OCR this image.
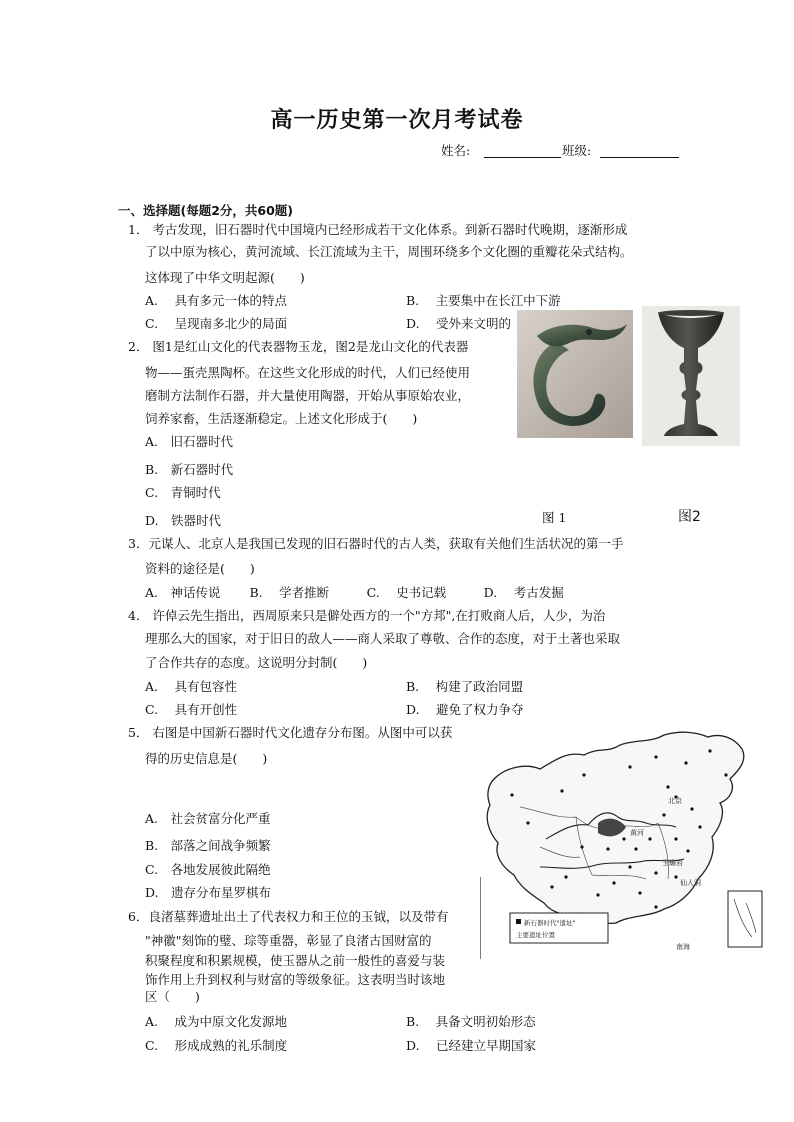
高一历史第一次月考试卷
姓名:	班级:
一、选择题(每题2分，共60题)
1． 考古发现，旧石器时代中国境内已经形成若干文化体系。到新石器时代晚期，逐渐形成
了以中原为核心，黄河流域、长江流域为主干，周围环绕多个文化圈的重瓣花朵式结构。
这体现了中华文明起源(　　)
A.　 具有多元一体的特点	B.　 主要集中在长江中下游
C.　 呈现南多北少的局面	D.　 受外来文明的
2． 图1是红山文化的代表器物玉龙，图2是龙山文化的代表器
物——蛋壳黑陶杯。在这些文化形成的时代，人们已经使用
磨制方法制作石器，并大量使用陶器，开始从事原始农业，
饲养家畜，生活逐渐稳定。上述文化形成于(　　)
A.　旧石器时代
B.　新石器时代
C.　青铜时代
D.　铁器时代	图 1	图2
3．元谋人、北京人是我国已发现的旧石器时代的古人类，获取有关他们生活状况的第一手
资料的途径是(　　)
A.　神话传说　　 B.　 学者推断　　　C.　 史书记载　　　D.　 考古发掘
4． 许倬云先生指出，西周原来只是僻处西方的一个"方邦",在打败商人后，人少，为治
理那么大的国家，对于旧日的敌人——商人采取了尊敬、合作的态度，对于土著也采取
了合作共存的态度。这说明分封制(　　)
A.　 具有包容性	B.　 构建了政治同盟
C.　 具有开创性	D.　 避免了权力争夺
5． 右图是中国新石器时代文化遗存分布图。从图中可以获
得的历史信息是(　　)
A.　社会贫富分化严重
B.　部落之间战争频繁
C.　各地发展彼此隔绝
D.　遗存分布星罗棋布
北京
黄河
玉蟾岩
仙人洞
南海
新石器时代"遗址"
主要遗址位置
6．良渚墓葬遗址出土了代表权力和王位的玉钺，以及带有
"神徽"刻饰的璧、琮等重器，彰显了良渚古国财富的
积聚程度和积累规模，使玉器从之前一般性的喜爱与装
饰作用上升到权利与财富的等级象征。这表明当时该地
区（　　)
A.　 成为中原文化发源地	B.　 具备文明初始形态
C.　 形成成熟的礼乐制度	D.　 已经建立早期国家
